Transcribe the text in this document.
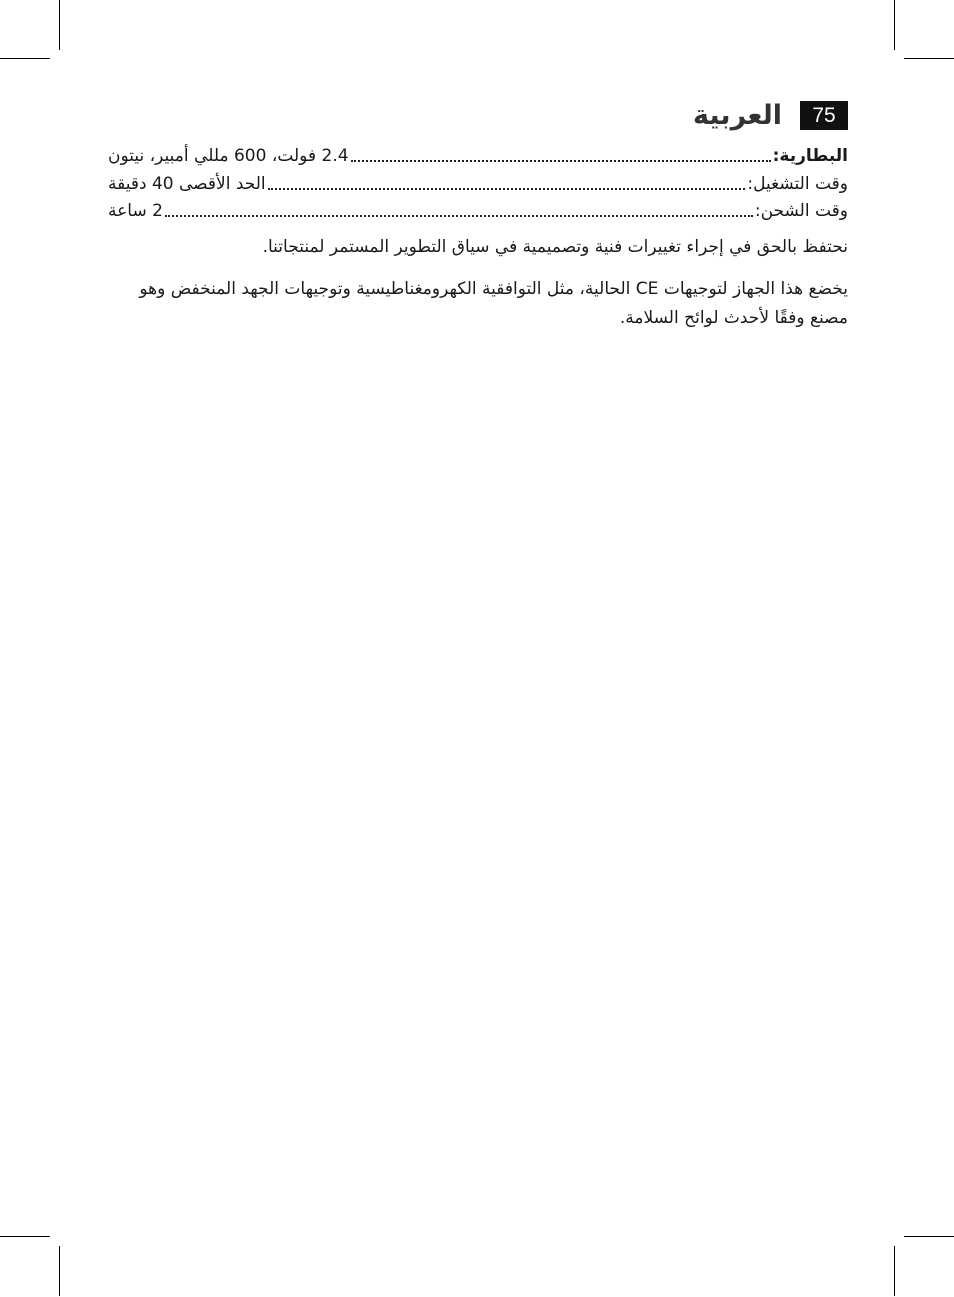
75
العربية
البطارية:
2.4 فولت، 600 مللي أمبير، نيتون
وقت التشغيل:
الحد الأقصى 40 دقيقة
وقت الشحن:
2 ساعة

نحتفظ بالحق في إجراء تغييرات فنية وتصميمية في سياق التطوير المستمر لمنتجاتنا.

يخضع هذا الجهاز لتوجيهات CE الحالية، مثل التوافقية الكهرومغناطيسية وتوجيهات الجهد المنخفض وهو مصنع وفقًا لأحدث لوائح السلامة.
